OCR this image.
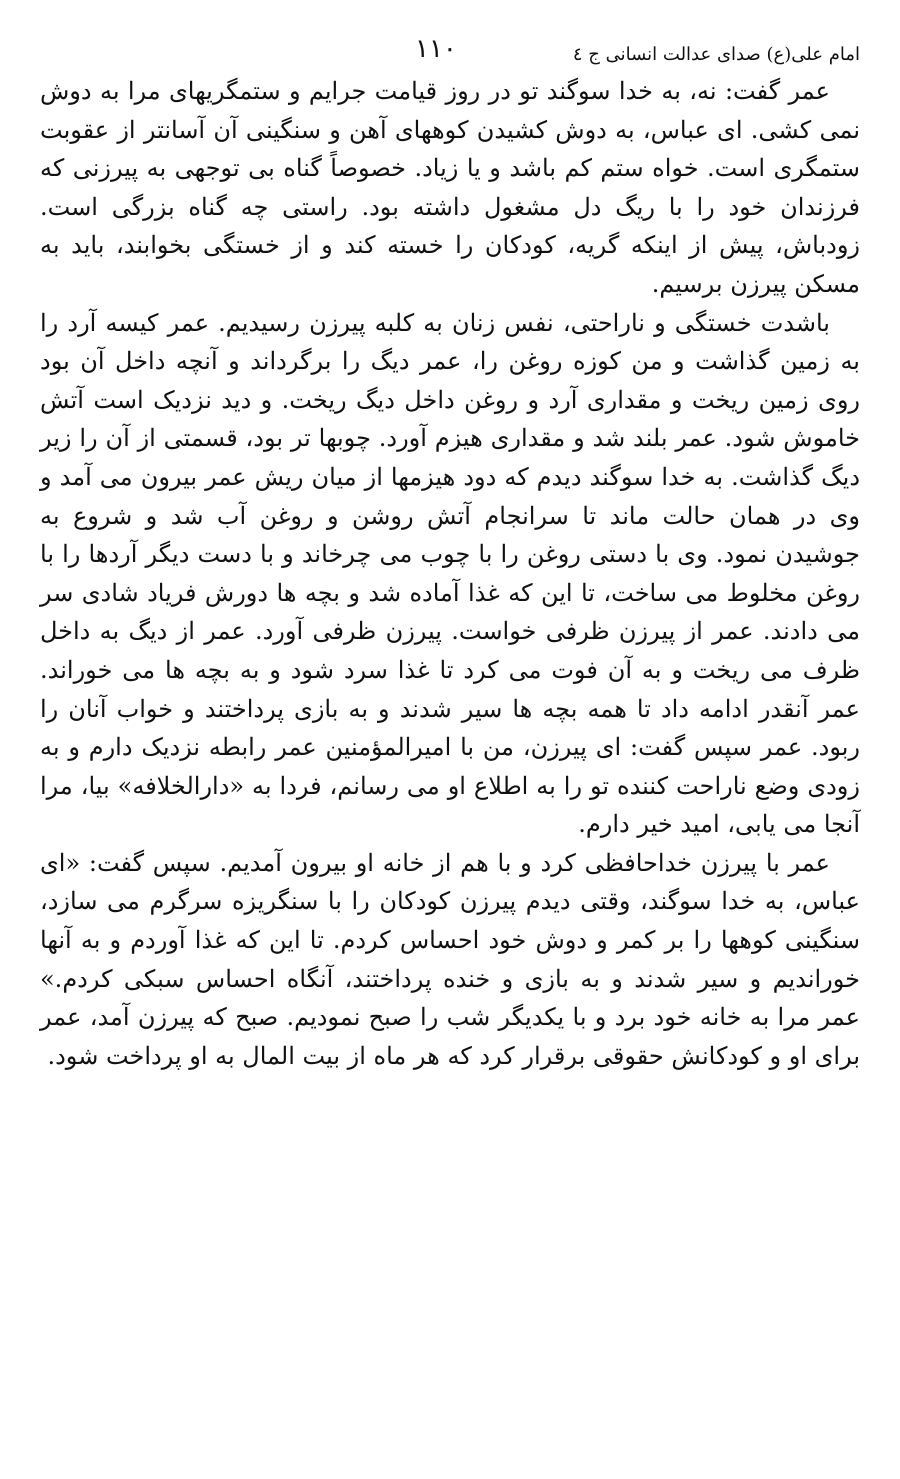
امام علی(ع) صدای عدالت انسانی ج ٤
١١٠

عمر گفت: نه، به خدا سوگند تو در روز قیامت جرایم و ستمگریهای مرا به دوش نمی کشی. ای عباس، به دوش کشیدن کوههای آهن و سنگینی آن آسانتر از عقوبت ستمگری است. خواه ستم کم باشد و یا زیاد. خصوصاً گناه بی توجهی به پیرزنی که فرزندان خود را با ریگ دل مشغول داشته بود. راستی چه گناه بزرگی است. زودباش، پیش از اینکه گریه، کودکان را خسته کند و از خستگی بخوابند، باید به مسکن پیرزن برسیم.

باشدت خستگی و ناراحتی، نفس زنان به کلبه پیرزن رسیدیم. عمر کیسه آرد را به زمین گذاشت و من کوزه روغن را، عمر دیگ را برگرداند و آنچه داخل آن بود روی زمین ریخت و مقداری آرد و روغن داخل دیگ ریخت. و دید نزدیک است آتش خاموش شود. عمر بلند شد و مقداری هیزم آورد. چوبها تر بود، قسمتی از آن را زیر دیگ گذاشت. به خدا سوگند دیدم که دود هیزمها از میان ریش عمر بیرون می آمد و وی در همان حالت ماند تا سرانجام آتش روشن و روغن آب شد و شروع به جوشیدن نمود. وی با دستی روغن را با چوب می چرخاند و با دست دیگر آردها را با روغن مخلوط می ساخت، تا این که غذا آماده شد و بچه ها دورش فریاد شادی سر می دادند. عمر از پیرزن ظرفی خواست. پیرزن ظرفی آورد. عمر از دیگ به داخل ظرف می ریخت و به آن فوت می کرد تا غذا سرد شود و به بچه ها می خوراند. عمر آنقدر ادامه داد تا همه بچه ها سیر شدند و به بازی پرداختند و خواب آنان را ربود. عمر سپس گفت: ای پیرزن، من با امیرالمؤمنین عمر رابطه نزدیک دارم و به زودی وضع ناراحت کننده تو را به اطلاع او می رسانم، فردا به «دارالخلافه» بیا، مرا آنجا می یابی، امید خیر دارم.

عمر با پیرزن خداحافظی کرد و با هم از خانه او بیرون آمدیم. سپس گفت: «ای عباس، به خدا سوگند، وقتی دیدم پیرزن کودکان را با سنگریزه سرگرم می سازد، سنگینی کوهها را بر کمر و دوش خود احساس کردم. تا این که غذا آوردم و به آنها خوراندیم و سیر شدند و به بازی و خنده پرداختند، آنگاه احساس سبکی کردم.» عمر مرا به خانه خود برد و با یکدیگر شب را صبح نمودیم. صبح که پیرزن آمد، عمر برای او و کودکانش حقوقی برقرار کرد که هر ماه از بیت المال به او پرداخت شود.
